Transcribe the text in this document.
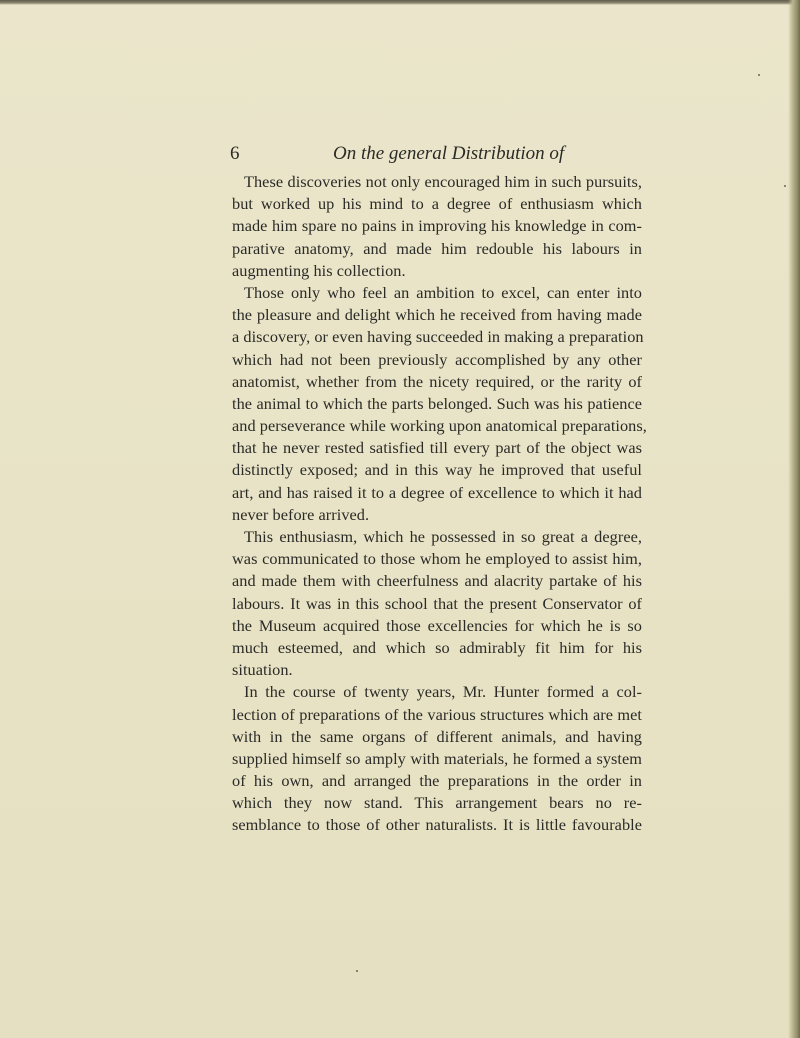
6	On the general Distribution of
These discoveries not only encouraged him in such pursuits,
but worked up his mind to a degree of enthusiasm which
made him spare no pains in improving his knowledge in com-
parative anatomy, and made him redouble his labours in
augmenting his collection.
Those only who feel an ambition to excel, can enter into
the pleasure and delight which he received from having made
a discovery, or even having succeeded in making a preparation
which had not been previously accomplished by any other
anatomist, whether from the nicety required, or the rarity of
the animal to which the parts belonged. Such was his patience
and perseverance while working upon anatomical preparations,
that he never rested satisfied till every part of the object was
distinctly exposed; and in this way he improved that useful
art, and has raised it to a degree of excellence to which it had
never before arrived.
This enthusiasm, which he possessed in so great a degree,
was communicated to those whom he employed to assist him,
and made them with cheerfulness and alacrity partake of his
labours. It was in this school that the present Conservator of
the Museum acquired those excellencies for which he is so
much esteemed, and which so admirably fit him for his
situation.
In the course of twenty years, Mr. Hunter formed a col-
lection of preparations of the various structures which are met
with in the same organs of different animals, and having
supplied himself so amply with materials, he formed a system
of his own, and arranged the preparations in the order in
which they now stand. This arrangement bears no re-
semblance to those of other naturalists. It is little favourable
